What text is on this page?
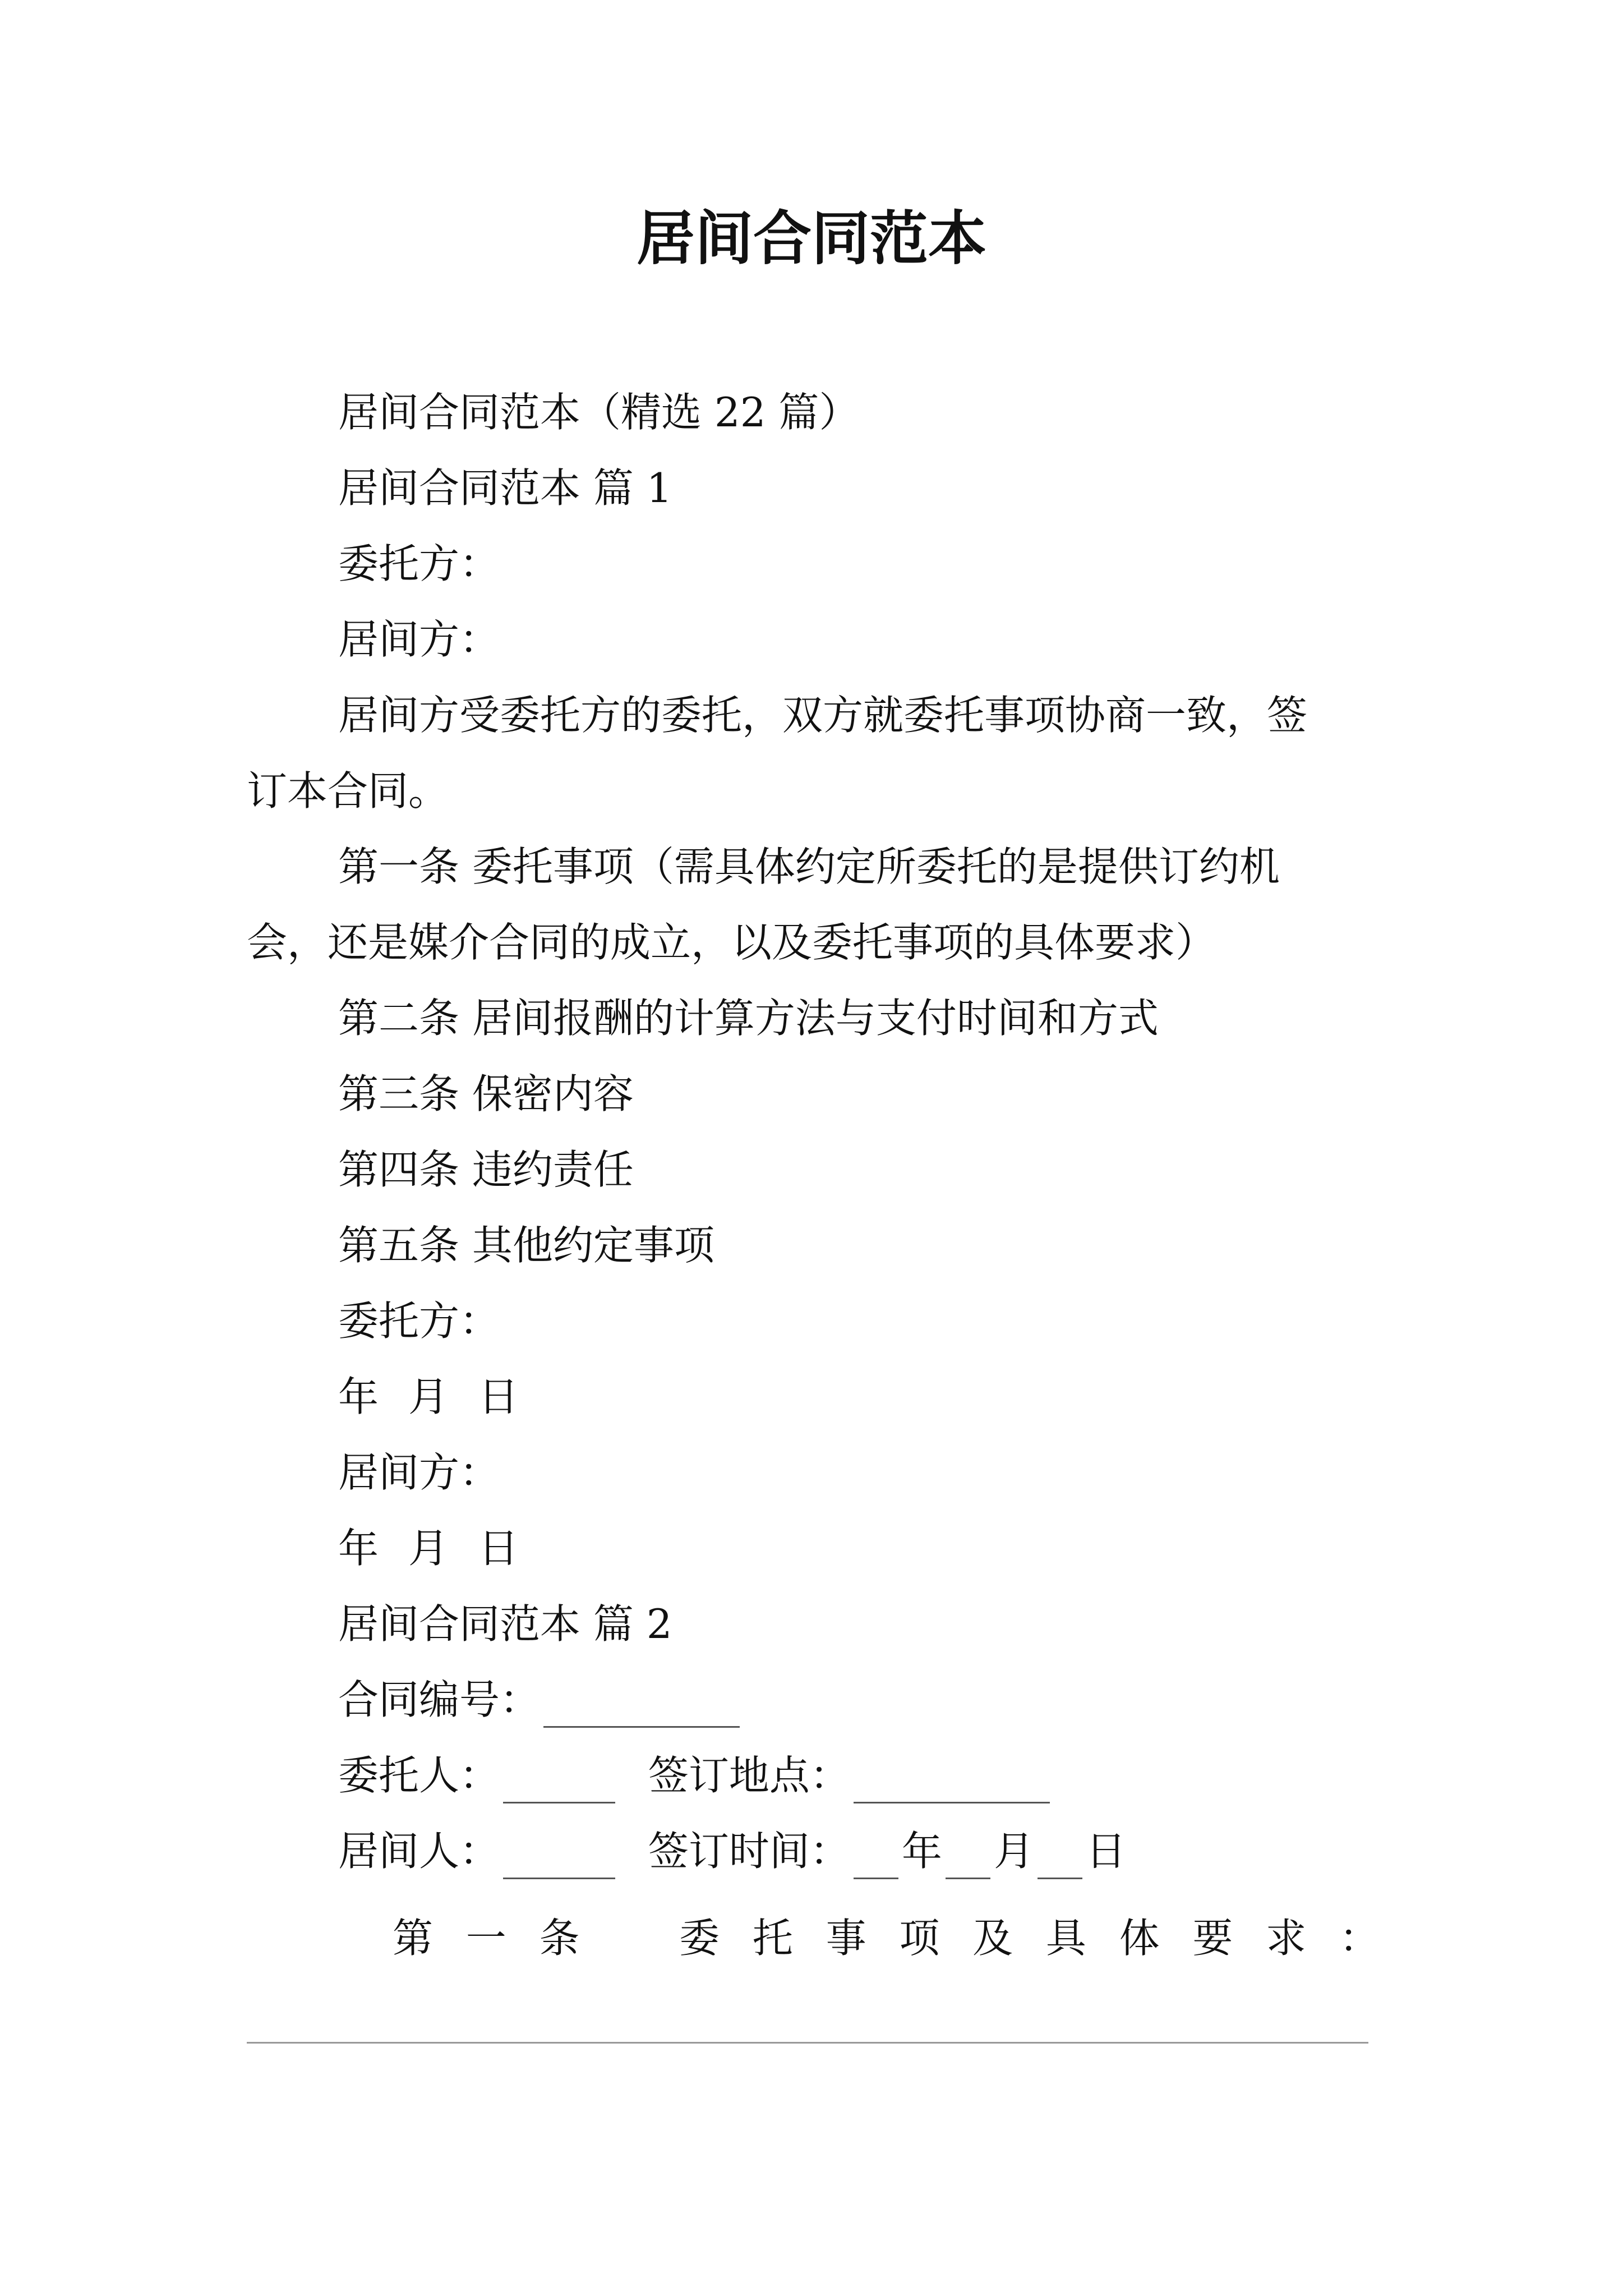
居间合同范本
居间合同范本（精选 22 篇）
居间合同范本 篇 1
委托方：
居间方：
居间方受委托方的委托，双方就委托事项协商一致，签
订本合同。
第一条 委托事项（需具体约定所委托的是提供订约机
会，还是媒介合同的成立，以及委托事项的具体要求）
第二条 居间报酬的计算方法与支付时间和方式
第三条 保密内容
第四条 违约责任
第五条 其他约定事项
委托方：
年 月 日
居间方：
年 月 日
居间合同范本 篇 2
合同编号：
委托人：	签订地点：
居间人：	签订时间： 年 月 日
第 一 条 委 托 事 项 及 具 体 要 求 ：
